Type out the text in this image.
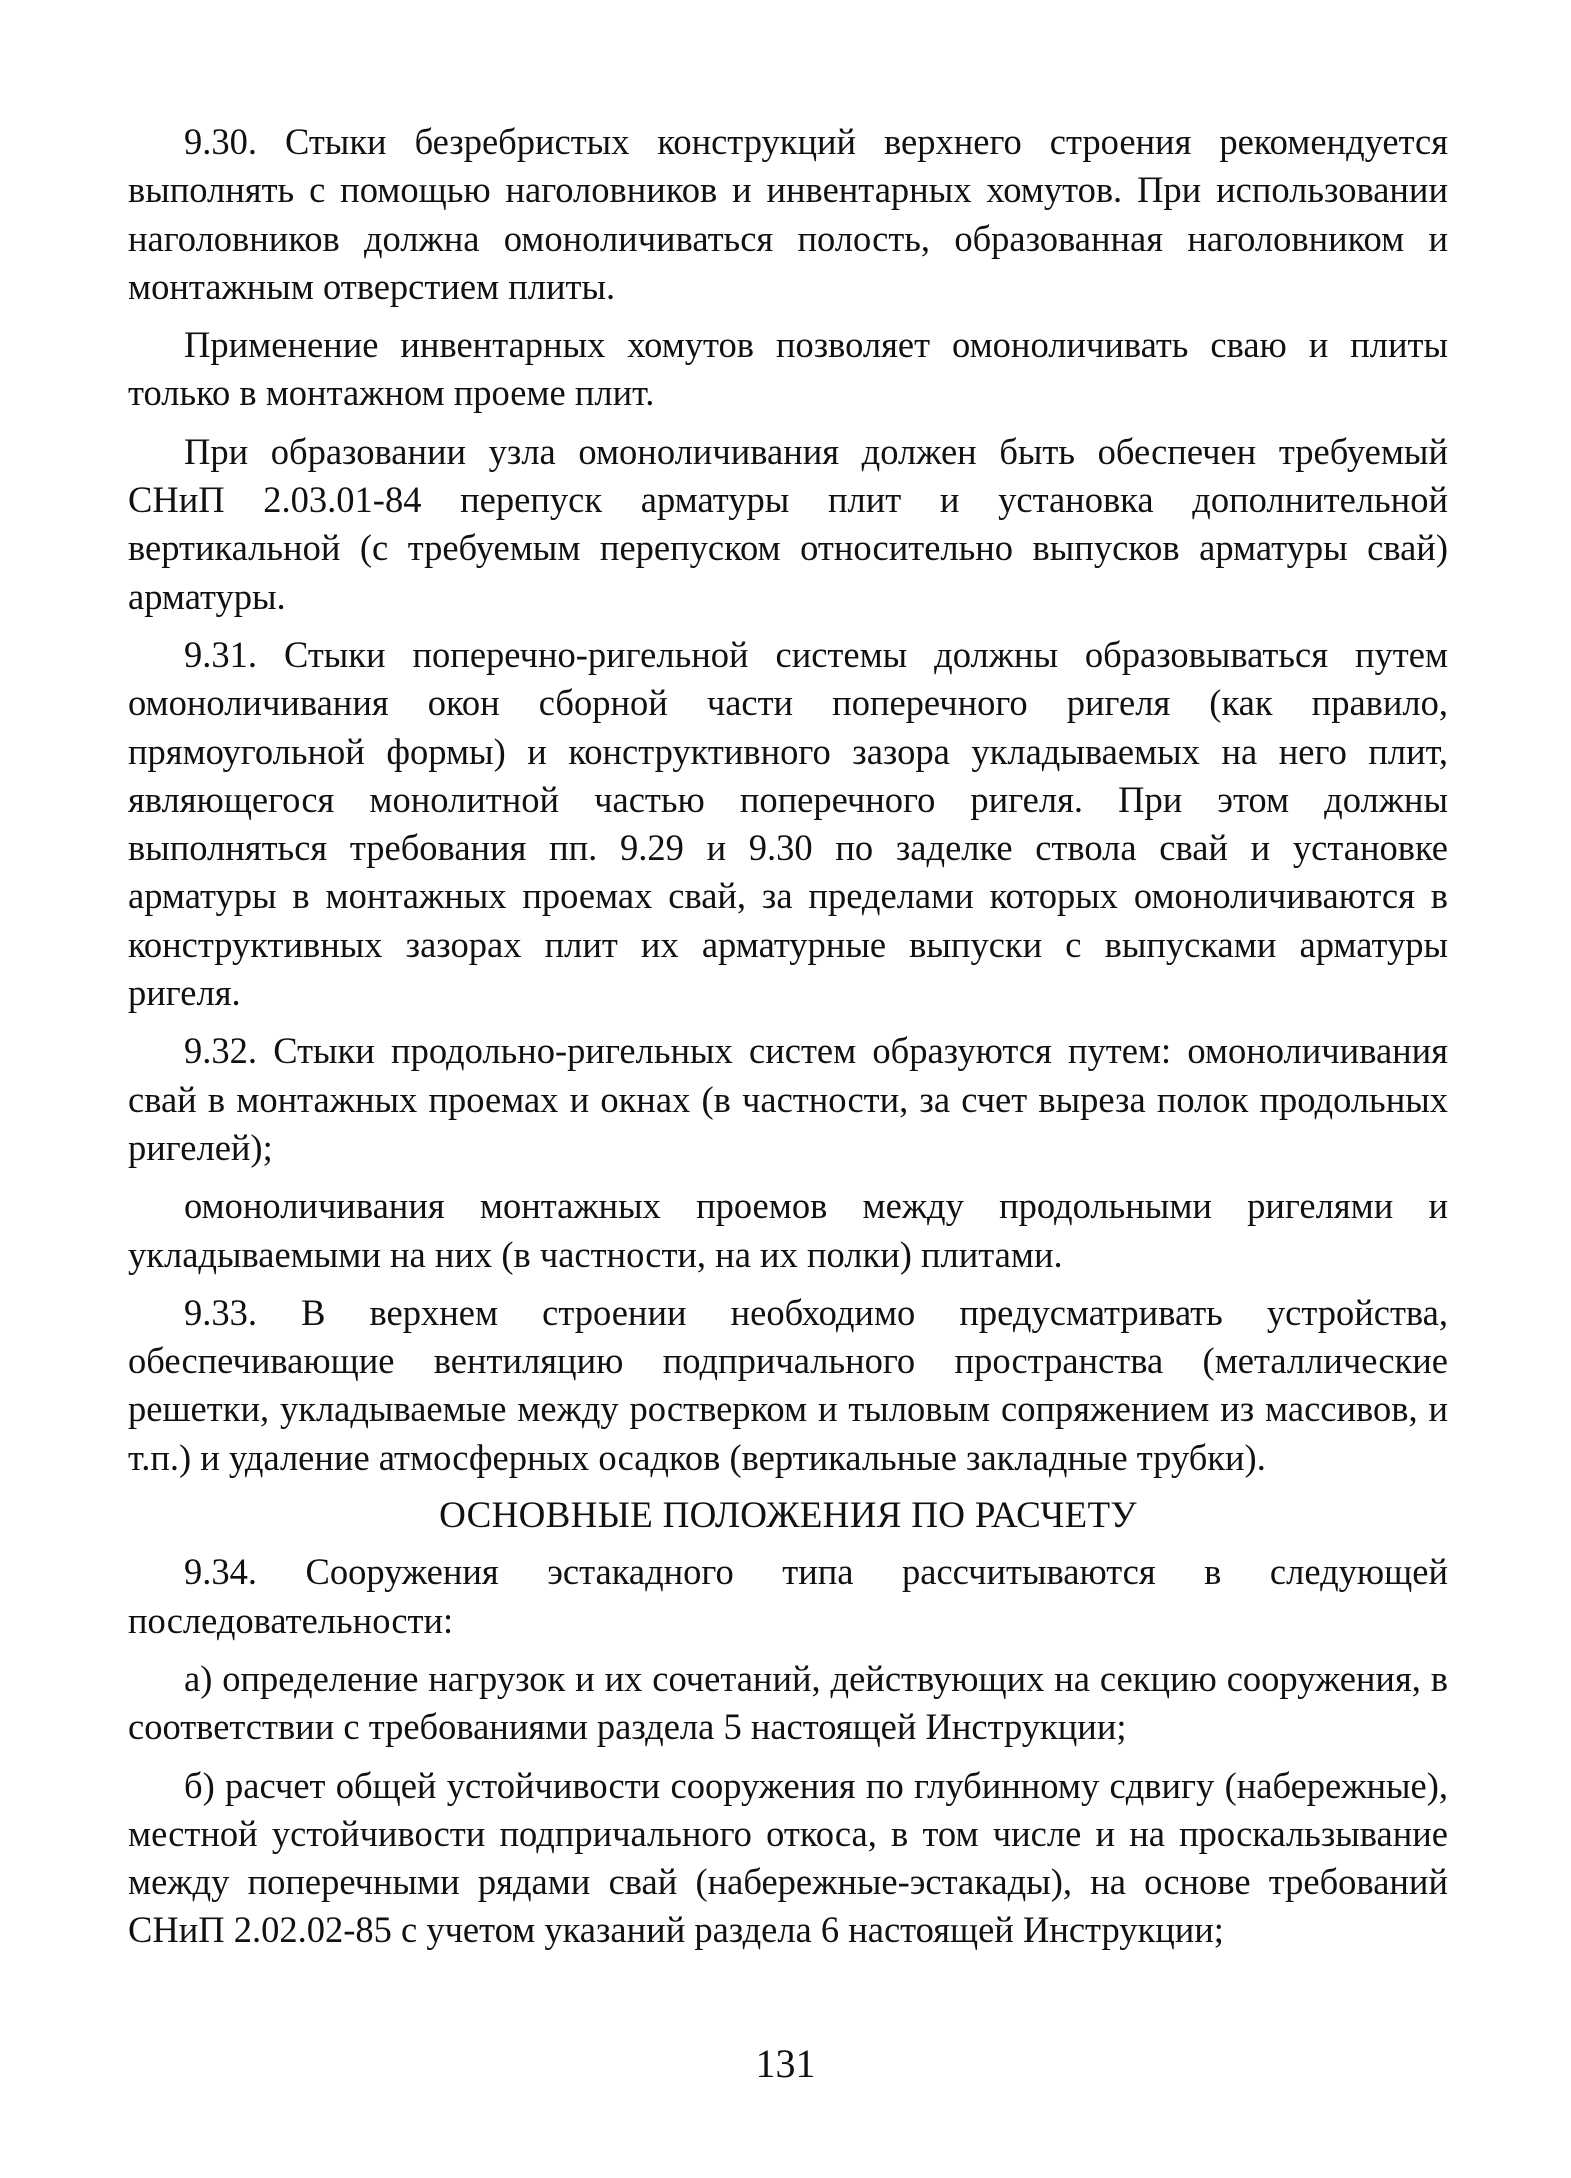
9.30. Стыки безребристых конструкций верхнего строения рекомендуется выполнять с помощью наголовников и инвентарных хомутов. При использовании наголовников должна омоноличиваться полость, образованная наголовником и монтажным отверстием плиты.

Применение инвентарных хомутов позволяет омоноличивать сваю и плиты только в монтажном проеме плит.

При образовании узла омоноличивания должен быть обеспечен требуемый СНиП 2.03.01-84 перепуск арматуры плит и установка дополнительной вертикальной (с требуемым перепуском относительно выпусков арматуры свай) арматуры.

9.31. Стыки поперечно-ригельной системы должны образовываться путем омоноличивания окон сборной части поперечного ригеля (как правило, прямоугольной формы) и конструктивного зазора укладываемых на него плит, являющегося монолитной частью поперечного ригеля. При этом должны выполняться требования пп. 9.29 и 9.30 по заделке ствола свай и установке арматуры в монтажных проемах свай, за пределами которых омоноличиваются в конструктивных зазорах плит их арматурные выпуски с выпусками арматуры ригеля.

9.32. Стыки продольно-ригельных систем образуются путем: омоноличивания свай в монтажных проемах и окнах (в частности, за счет выреза полок продольных ригелей);

омоноличивания монтажных проемов между продольными ригелями и укладываемыми на них (в частности, на их полки) плитами.

9.33. В верхнем строении необходимо предусматривать устройства, обеспечивающие вентиляцию подпричального пространства (металлические решетки, укладываемые между ростверком и тыловым сопряжением из массивов, и т.п.) и удаление атмосферных осадков (вертикальные закладные трубки).

ОСНОВНЫЕ ПОЛОЖЕНИЯ ПО РАСЧЕТУ

9.34. Сооружения эстакадного типа рассчитываются в следующей последовательности:

а) определение нагрузок и их сочетаний, действующих на секцию сооружения, в соответствии с требованиями раздела 5 настоящей Инструкции;

б) расчет общей устойчивости сооружения по глубинному сдвигу (набережные), местной устойчивости подпричального откоса, в том числе и на проскальзывание между поперечными рядами свай (набережные-эстакады), на основе требований СНиП 2.02.02-85 с учетом указаний раздела 6 настоящей Инструкции;

131
